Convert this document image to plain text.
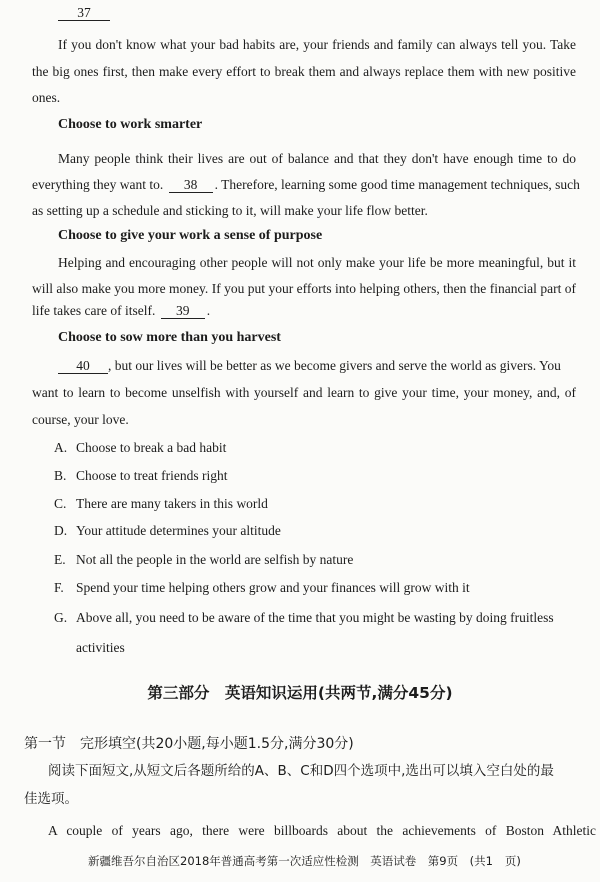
37
If you don't know what your bad habits are, your friends and family can always tell you. Take
the big ones first, then make every effort to break them and always replace them with new positive
ones.
Choose to work smarter
Many people think their lives are out of balance and that they don't have enough time to do
everything they want to. 38 . Therefore, learning some good time management techniques, such
as setting up a schedule and sticking to it, will make your life flow better.
Choose to give your work a sense of purpose
Helping and encouraging other people will not only make your life be more meaningful, but it
will also make you more money. If you put your efforts into helping others, then the financial part of
life takes care of itself. 39 .
Choose to sow more than you harvest
40 , but our lives will be better as we become givers and serve the world as givers. You
want to learn to become unselfish with yourself and learn to give your time, your money, and, of
course, your love.
A. Choose to break a bad habit
B. Choose to treat friends right
C. There are many takers in this world
D. Your attitude determines your altitude
E. Not all the people in the world are selfish by nature
F. Spend your time helping others grow and your finances will grow with it
G. Above all, you need to be aware of the time that you might be wasting by doing fruitless
activities
第三部分　英语知识运用(共两节,满分45分)
第一节　完形填空(共20小题,每小题1.5分,满分30分)
阅读下面短文,从短文后各题所给的A、B、C和D四个选项中,选出可以填入空白处的最
佳选项。
A couple of years ago, there were billboards about the achievements of Boston Athletic
新疆维吾尔自治区2018年普通高考第一次适应性检测　英语试卷　第9页　(共1 页)
